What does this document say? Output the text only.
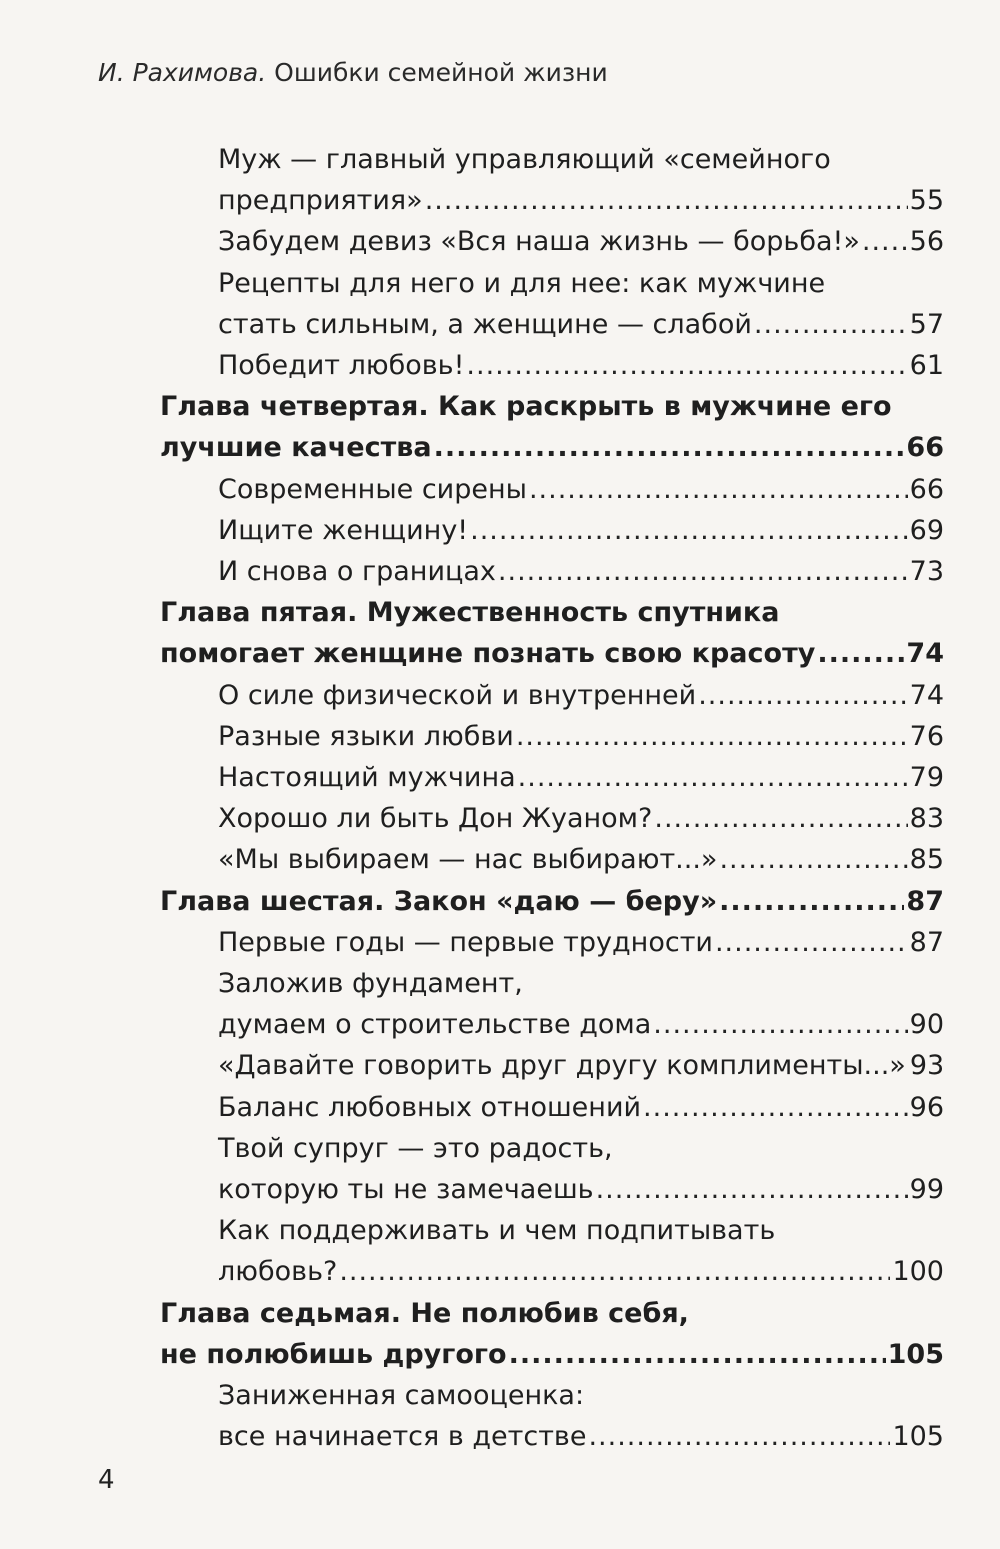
И. Рахимова. Ошибки семейной жизни
Муж — главный управляющий «семейного
предприятия» .....	55
Забудем девиз «Вся наша жизнь — борьба!» ..... 56
Рецепты для него и для нее: как мужчине
стать сильным, а женщине — слабой .....	57
Победит любовь! .....	61
Глава четвертая. Как раскрыть в мужчине его
лучшие качества .....	66
Современные сирены .....	66
Ищите женщину! .....	69
И снова о границах .....	73
Глава пятая. Мужественность спутника
помогает женщине познать свою красоту .....	74
О силе физической и внутренней .....	74
Разные языки любви .....	76
Настоящий мужчина .....	79
Хорошо ли быть Дон Жуаном? .....	83
«Мы выбираем — нас выбирают...» .....	85
Глава шестая. Закон «даю — беру» .....	87
Первые годы — первые трудности .....	87
Заложив фундамент,
думаем о строительстве дома .....	90
«Давайте говорить друг другу комплименты...» 93
Баланс любовных отношений .....	96
Твой супруг — это радость,
которую ты не замечаешь .....	99
Как поддерживать и чем подпитывать
любовь? .....	100
Глава седьмая. Не полюбив себя,
не полюбишь другого .....	105
Заниженная самооценка:
все начинается в детстве .....	105
4
